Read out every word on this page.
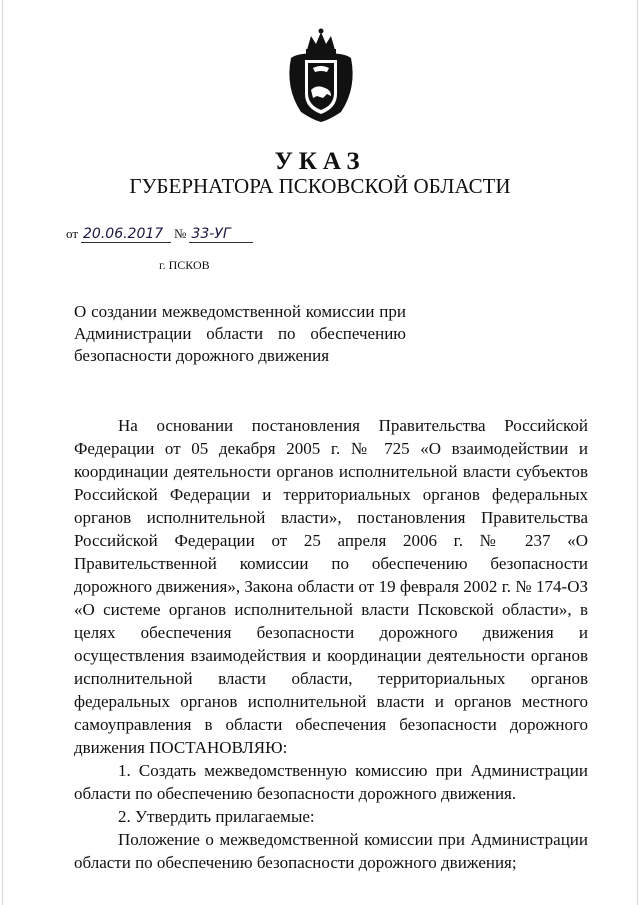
УКАЗ
ГУБЕРНАТОРА ПСКОВСКОЙ ОБЛАСТИ
от 20.06.2017 № 33-УГ
г. ПСКОВ
О создании межведомственной комиссии при Администрации области по обеспечению безопасности дорожного движения

На основании постановления Правительства Российской Федерации от 05 декабря 2005 г. № 725 «О взаимодействии и координации деятельности органов исполнительной власти субъектов Российской Федерации и территориальных органов федеральных органов исполнительной власти», постановления Правительства Российской Федерации от 25 апреля 2006 г. № 237 «О Правительственной комиссии по обеспечению безопасности дорожного движения», Закона области от 19 февраля 2002 г. № 174-ОЗ «О системе органов исполнительной власти Псковской области», в целях обеспечения безопасности дорожного движения и осуществления взаимодействия и координации деятельности органов исполнительной власти области, территориальных органов федеральных органов исполнительной власти и органов местного самоуправления в области обеспечения безопасности дорожного движения ПОСТАНОВЛЯЮ:

1. Создать межведомственную комиссию при Администрации области по обеспечению безопасности дорожного движения.

2. Утвердить прилагаемые:

Положение о межведомственной комиссии при Администрации области по обеспечению безопасности дорожного движения;
